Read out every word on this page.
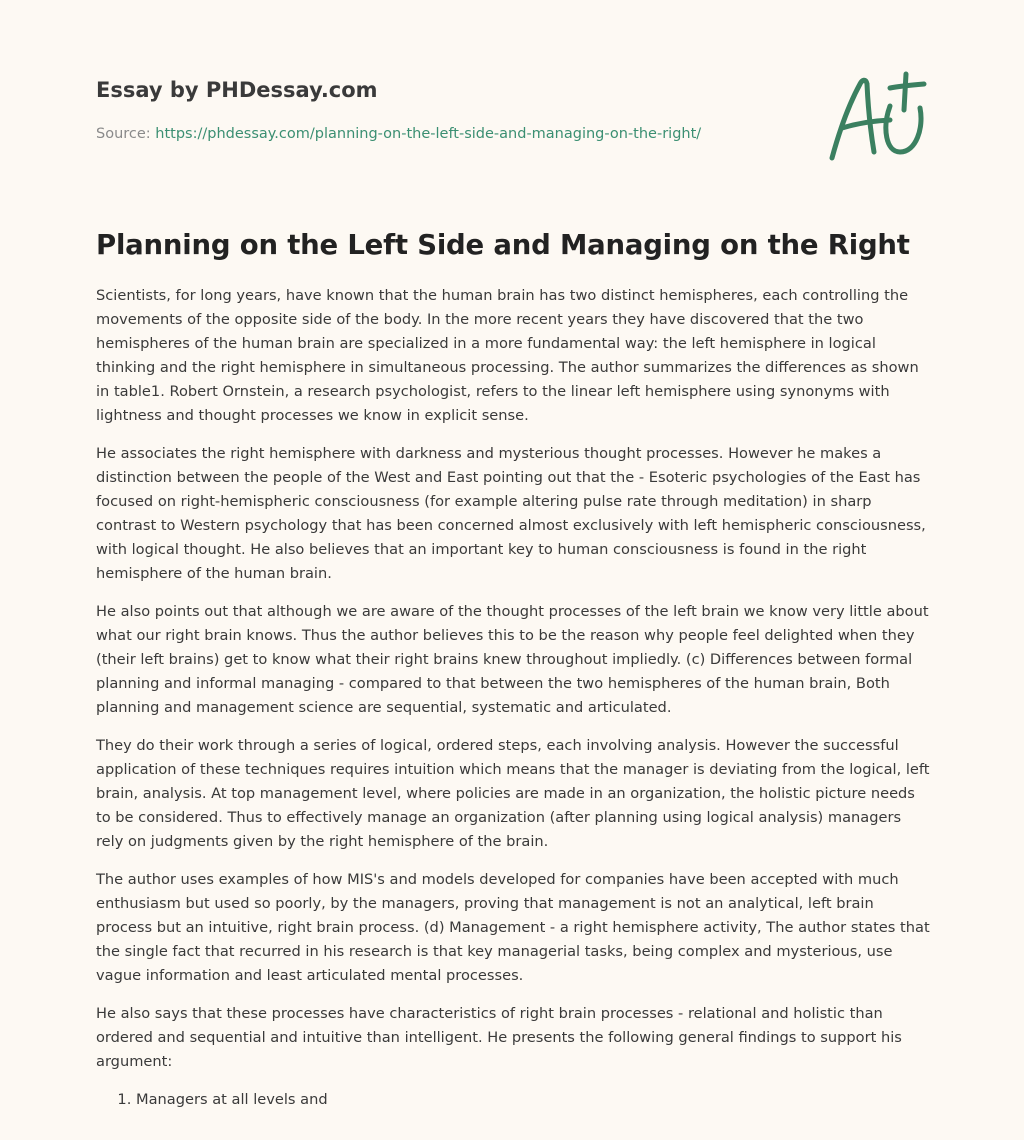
Essay by PHDessay.com
Source: https://phdessay.com/planning-on-the-left-side-and-managing-on-the-right/
Planning on the Left Side and Managing on the Right

Scientists, for long years, have known that the human brain has two distinct hemispheres, each controlling the movements of the opposite side of the body. In the more recent years they have discovered that the two hemispheres of the human brain are specialized in a more fundamental way: the left hemisphere in logical thinking and the right hemisphere in simultaneous processing. The author summarizes the differences as shown in table1. Robert Ornstein, a research psychologist, refers to the linear left hemisphere using synonyms with lightness and thought processes we know in explicit sense.

He associates the right hemisphere with darkness and mysterious thought processes. However he makes a distinction between the people of the West and East pointing out that the - Esoteric psychologies of the East has focused on right-hemispheric consciousness (for example altering pulse rate through meditation) in sharp contrast to Western psychology that has been concerned almost exclusively with left hemispheric consciousness, with logical thought. He also believes that an important key to human consciousness is found in the right hemisphere of the human brain.

He also points out that although we are aware of the thought processes of the left brain we know very little about what our right brain knows. Thus the author believes this to be the reason why people feel delighted when they (their left brains) get to know what their right brains knew throughout impliedly. (c) Differences between formal planning and informal managing - compared to that between the two hemispheres of the human brain, Both planning and management science are sequential, systematic and articulated.

They do their work through a series of logical, ordered steps, each involving analysis. However the successful application of these techniques requires intuition which means that the manager is deviating from the logical, left brain, analysis. At top management level, where policies are made in an organization, the holistic picture needs to be considered. Thus to effectively manage an organization (after planning using logical analysis) managers rely on judgments given by the right hemisphere of the brain.

The author uses examples of how MIS's and models developed for companies have been accepted with much enthusiasm but used so poorly, by the managers, proving that management is not an analytical, left brain process but an intuitive, right brain process. (d) Management - a right hemisphere activity, The author states that the single fact that recurred in his research is that key managerial tasks, being complex and mysterious, use vague information and least articulated mental processes.

He also says that these processes have characteristics of right brain processes - relational and holistic than ordered and sequential and intuitive than intelligent. He presents the following general findings to support his argument:

1. Managers at all levels and
